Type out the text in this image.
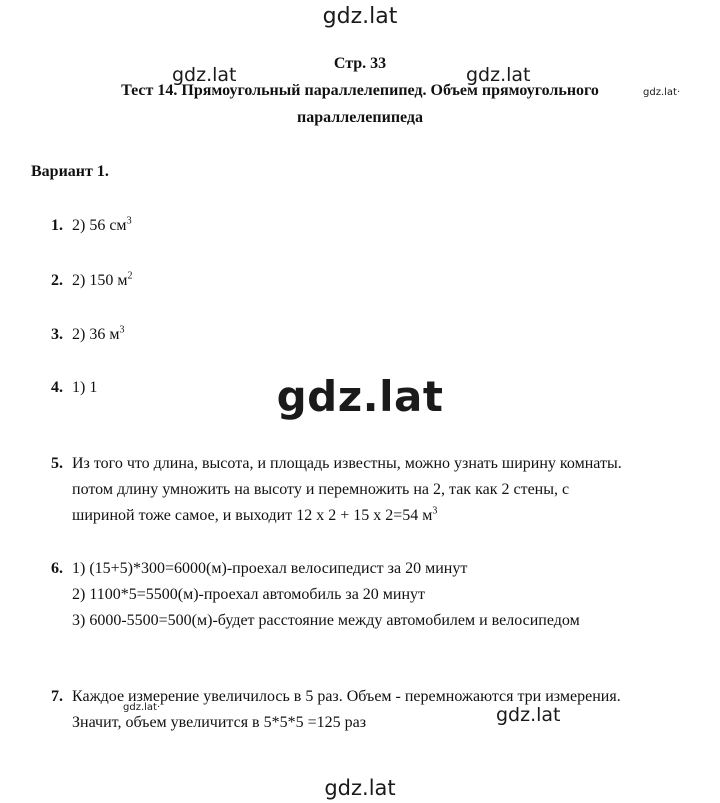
gdz.lat
gdz.lat	gdz.lat
gdz.lat·
gdz.lat
gdz.lat·	gdz.lat
gdz.lat
Стр. 33
Тест 14. Прямоугольный параллелепипед. Объем прямоугольного
параллелепипеда
Вариант 1.
1. 2) 56 $см^3$
2. 2) 150 $м^2$
3. 2) 36 $м^3$
4. 1) 1
5. Из того что длина, высота, и площадь известны, можно узнать ширину комнаты.
потом длину умножить на высоту и перемножить на 2, так как 2 стены, с
шириной тоже самое, и выходит 12 х 2 + 15 х 2=54 $м^3$
6. 1) (15+5)*300=6000(м)-проехал велосипедист за 20 минут
2) 1100*5=5500(м)-проехал автомобиль за 20 минут
3) 6000-5500=500(м)-будет расстояние между автомобилем и велосипедом
7. Каждое измерение увеличилось в 5 раз. Объем - перемножаются три измерения.
Значит, объем увеличится в 5*5*5 =125 раз
